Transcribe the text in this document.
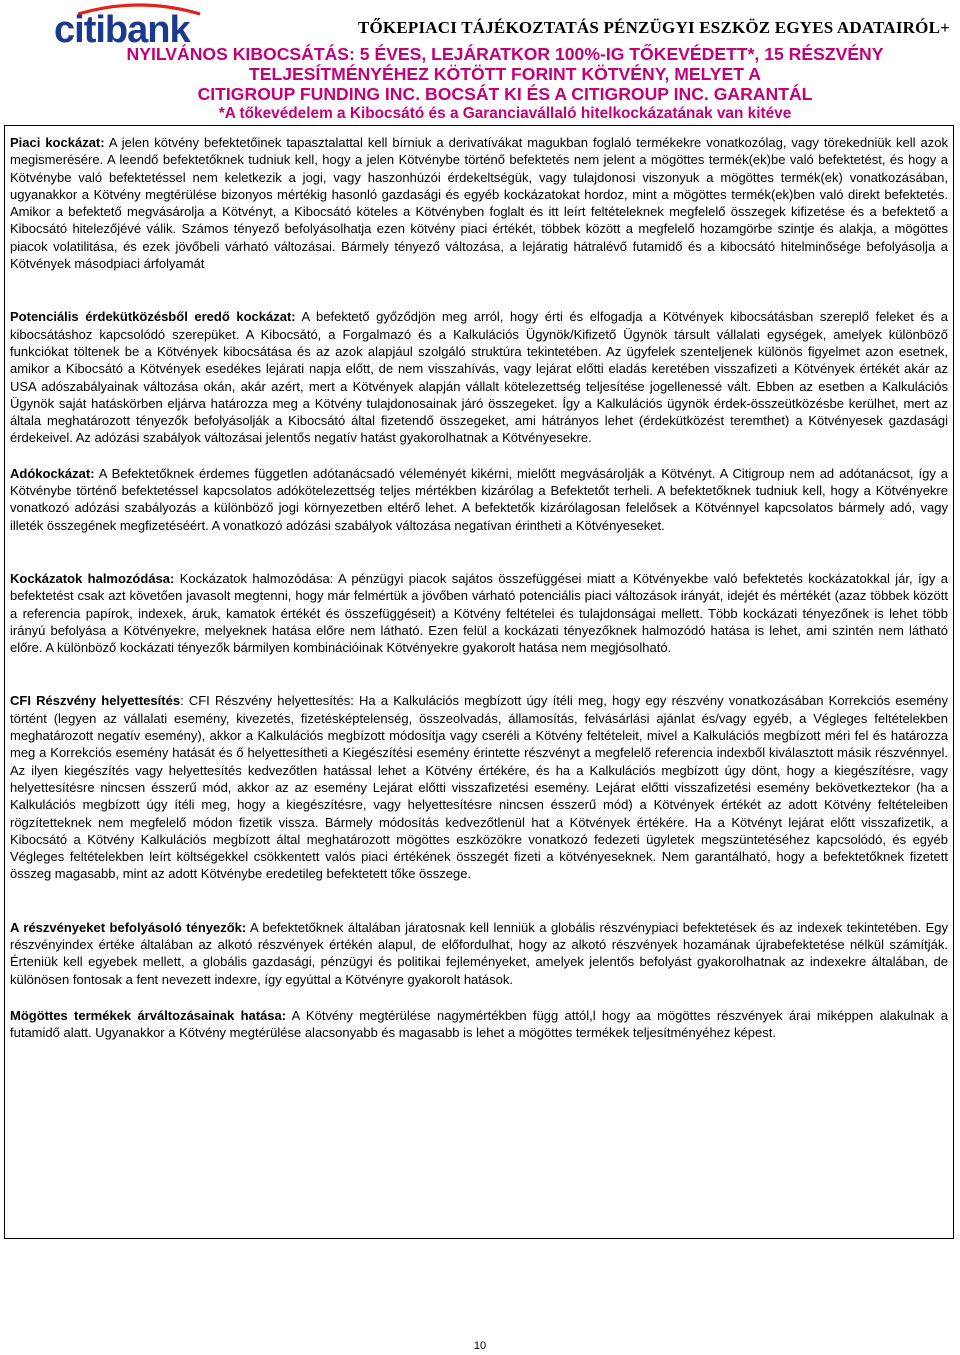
citibank	TŐKEPIACI TÁJÉKOZTATÁS PÉNZÜGYI ESZKÖZ EGYES ADATAIRÓL+
NYILVÁNOS KIBOCSÁTÁS: 5 ÉVES, LEJÁRATKOR 100%-IG TŐKEVÉDETT*, 15 RÉSZVÉNY
TELJESÍTMÉNYÉHEZ KÖTÖTT FORINT KÖTVÉNY, MELYET A
CITIGROUP FUNDING INC. BOCSÁT KI ÉS A CITIGROUP INC. GARANTÁL
*A tőkevédelem a Kibocsátó és a Garanciavállaló hitelkockázatának van kitéve

Piaci kockázat: A jelen kötvény befektetőinek tapasztalattal kell bírniuk a derivatívákat magukban foglaló termékekre vonatkozólag, vagy törekedniük kell azok megismerésére. A leendő befektetőknek tudniuk kell, hogy a jelen Kötvénybe történő befektetés nem jelent a mögöttes termék(ek)be való befektetést, és hogy a Kötvénybe való befektetéssel nem keletkezik a jogi, vagy haszonhúzói érdekeltségük, vagy tulajdonosi viszonyuk a mögöttes termék(ek) vonatkozásában, ugyanakkor a Kötvény megtérülése bizonyos mértékig hasonló gazdasági és egyéb kockázatokat hordoz, mint a mögöttes termék(ek)ben való direkt befektetés. Amikor a befektető megvásárolja a Kötvényt, a Kibocsátó köteles a Kötvényben foglalt és itt leírt feltételeknek megfelelő összegek kifizetése és a befektető a Kibocsátó hitelezőjévé válik. Számos tényező befolyásolhatja ezen kötvény piaci értékét, többek között a megfelelő hozamgörbe szintje és alakja, a mögöttes piacok volatilitása, és ezek jövőbeli várható változásai. Bármely tényező változása, a lejáratig hátralévő futamidő és a kibocsátó hitelminősége befolyásolja a Kötvények másodpiaci árfolyamát

Potenciális érdekütközésből eredő kockázat: A befektető győződjön meg arról, hogy érti és elfogadja a Kötvények kibocsátásban szereplő feleket és a kibocsátáshoz kapcsolódó szerepüket. A Kibocsátó, a Forgalmazó és a Kalkulációs Ügynök/Kifizető Ügynök társult vállalati egységek, amelyek különböző funkciókat töltenek be a Kötvények kibocsátása és az azok alapjául szolgáló struktúra tekintetében. Az ügyfelek szenteljenek különös figyelmet azon esetnek, amikor a Kibocsátó a Kötvények esedékes lejárati napja előtt, de nem visszahívás, vagy lejárat előtti eladás keretében visszafizeti a Kötvények értékét akár az USA adószabályainak változása okán, akár azért, mert a Kötvények alapján vállalt kötelezettség teljesítése jogellenessé vált. Ebben az esetben a Kalkulációs Ügynök saját hatáskörben eljárva határozza meg a Kötvény tulajdonosainak járó összegeket. Így a Kalkulációs ügynök érdek-összeütközésbe kerülhet, mert az általa meghatározott tényezők befolyásolják a Kibocsátó által fizetendő összegeket, ami hátrányos lehet (érdekütközést teremthet) a Kötvényesek gazdasági érdekeivel. Az adózási szabályok változásai jelentős negatív hatást gyakorolhatnak a Kötvényesekre.

Adókockázat: A Befektetőknek érdemes független adótanácsadó véleményét kikérni, mielőtt megvásárolják a Kötvényt. A Citigroup nem ad adótanácsot, így a Kötvénybe történő befektetéssel kapcsolatos adókötelezettség teljes mértékben kizárólag a Befektetőt terheli. A befektetőknek tudniuk kell, hogy a Kötvényekre vonatkozó adózási szabályozás a különböző jogi környezetben eltérő lehet. A befektetők kizárólagosan felelősek a Kötvénnyel kapcsolatos bármely adó, vagy illeték összegének megfizetéséért. A vonatkozó adózási szabályok változása negatívan érintheti a Kötvényeseket.

Kockázatok halmozódása: Kockázatok halmozódása: A pénzügyi piacok sajátos összefüggései miatt a Kötvényekbe való befektetés kockázatokkal jár, így a befektetést csak azt követően javasolt megtenni, hogy már felmértük a jövőben várható potenciális piaci változások irányát, idejét és mértékét (azaz többek között a referencia papírok, indexek, áruk, kamatok értékét és összefüggéseit) a Kötvény feltételei és tulajdonságai mellett. Több kockázati tényezőnek is lehet több irányú befolyása a Kötvényekre, melyeknek hatása előre nem látható. Ezen felül a kockázati tényezőknek halmozódó hatása is lehet, ami szintén nem látható előre. A különböző kockázati tényezők bármilyen kombinációinak Kötvényekre gyakorolt hatása nem megjósolható.

CFI Részvény helyettesítés: CFI Részvény helyettesítés: Ha a Kalkulációs megbízott úgy ítéli meg, hogy egy részvény vonatkozásában Korrekciós esemény történt (legyen az vállalati esemény, kivezetés, fizetésképtelenség, összeolvadás, államosítás, felvásárlási ajánlat és/vagy egyéb, a Végleges feltételekben meghatározott negatív esemény), akkor a Kalkulációs megbízott módosítja vagy cseréli a Kötvény feltételeit, mivel a Kalkulációs megbízott méri fel és határozza meg a Korrekciós esemény hatását és ő helyettesítheti a Kiegészítési esemény érintette részvényt a megfelelő referencia indexből kiválasztott másik részvénnyel. Az ilyen kiegészítés vagy helyettesítés kedvezőtlen hatással lehet a Kötvény értékére, és ha a Kalkulációs megbízott úgy dönt, hogy a kiegészítésre, vagy helyettesítésre nincsen ésszerű mód, akkor az az esemény Lejárat előtti visszafizetési esemény. Lejárat előtti visszafizetési esemény bekövetkeztekor (ha a Kalkulációs megbízott úgy ítéli meg, hogy a kiegészítésre, vagy helyettesítésre nincsen ésszerű mód) a Kötvények értékét az adott Kötvény feltételeiben rögzítetteknek nem megfelelő módon fizetik vissza. Bármely módosítás kedvezőtlenül hat a Kötvények értékére. Ha a Kötvényt lejárat előtt visszafizetik, a Kibocsátó a Kötvény Kalkulációs megbízott által meghatározott mögöttes eszközökre vonatkozó fedezeti ügyletek megszüntetéséhez kapcsolódó, és egyéb Végleges feltételekben leírt költségekkel csökkentett valós piaci értékének összegét fizeti a kötvényeseknek. Nem garantálható, hogy a befektetőknek fizetett összeg magasabb, mint az adott Kötvénybe eredetileg befektetett tőke összege.

A részvényeket befolyásoló tényezők: A befektetőknek általában járatosnak kell lenniük a globális részvénypiaci befektetések és az indexek tekintetében. Egy részvényindex értéke általában az alkotó részvények értékén alapul, de előfordulhat, hogy az alkotó részvények hozamának újrabefektetése nélkül számítják. Érteniük kell egyebek mellett, a globális gazdasági, pénzügyi és politikai fejleményeket, amelyek jelentős befolyást gyakorolhatnak az indexekre általában, de különösen fontosak a fent nevezett indexre, így egyúttal a Kötvényre gyakorolt hatások.

Mögöttes termékek árváltozásainak hatása: A Kötvény megtérülése nagymértékben függ attól,l hogy aa mögöttes részvények árai miképpen alakulnak a futamidő alatt. Ugyanakkor a Kötvény megtérülése alacsonyabb és magasabb is lehet a mögöttes termékek teljesítményéhez képest.

10
